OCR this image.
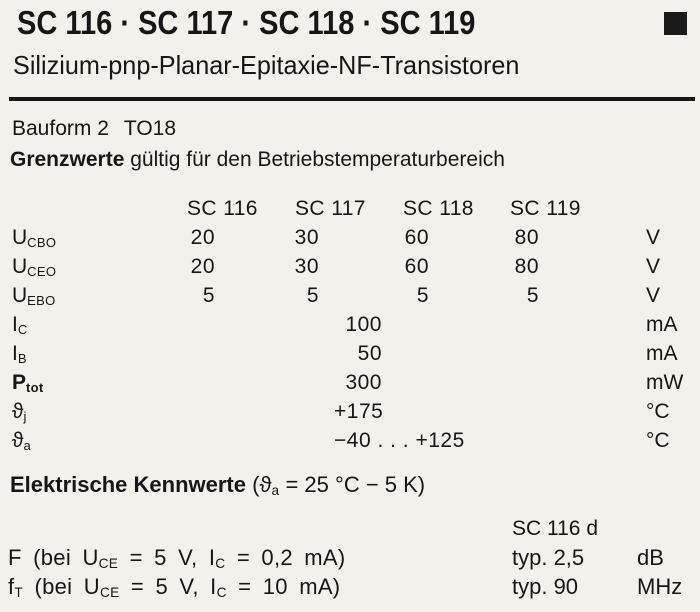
SC 116 · SC 117 · SC 118 · SC 119
Silizium-pnp-Planar-Epitaxie-NF-Transistoren
Bauform 2 TO18
Grenzwerte gültig für den Betriebstemperaturbereich
SC 116 SC 117 SC 118 SC 119
UCBO	20	30	60	80	V
UCEO	20	30	60	80	V
UEBO	5	5	5	5	V
IC	100	mA
IB	50	mA
Ptot	300	mW
ϑj	+175	°C
ϑa	−40 . . . +125	°C
Elektrische Kennwerte (ϑa = 25 °C − 5 K)
SC 116 d
F (bei UCE = 5 V, IC = 0,2 mA)	typ. 2,5 dB
fT (bei UCE = 5 V, IC = 10 mA)	typ. 90	MHz
